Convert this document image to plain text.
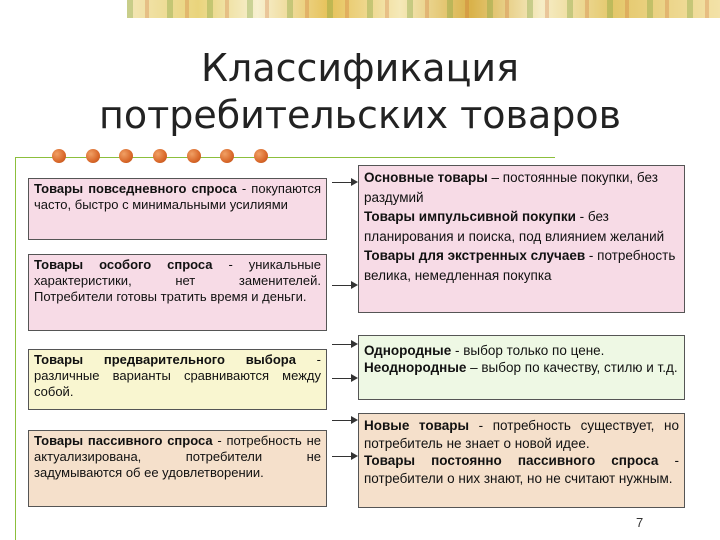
Классификация
потребительских товаров
Товары повседневного спроса - покупаются часто, быстро с минимальными усилиями
Товары особого спроса - уникальные характеристики, нет заменителей. Потребители готовы тратить время и деньги.
Товары предварительного выбора - различные варианты сравниваются между собой.
Товары пассивного спроса - потребность не актуализирована, потребители не задумываются об ее удовлетворении.
Основные товары – постоянные покупки, без раздумий
Товары импульсивной покупки - без планирования и поиска, под влиянием желаний
Товары для экстренных случаев - потребность велика, немедленная покупка
Однородные - выбор только по цене.
Неоднородные – выбор по качеству, стилю и т.д.
Новые товары - потребность существует, но потребитель не знает о новой идее.
Товары постоянно пассивного спроса - потребители о них знают, но не считают нужным.
7
